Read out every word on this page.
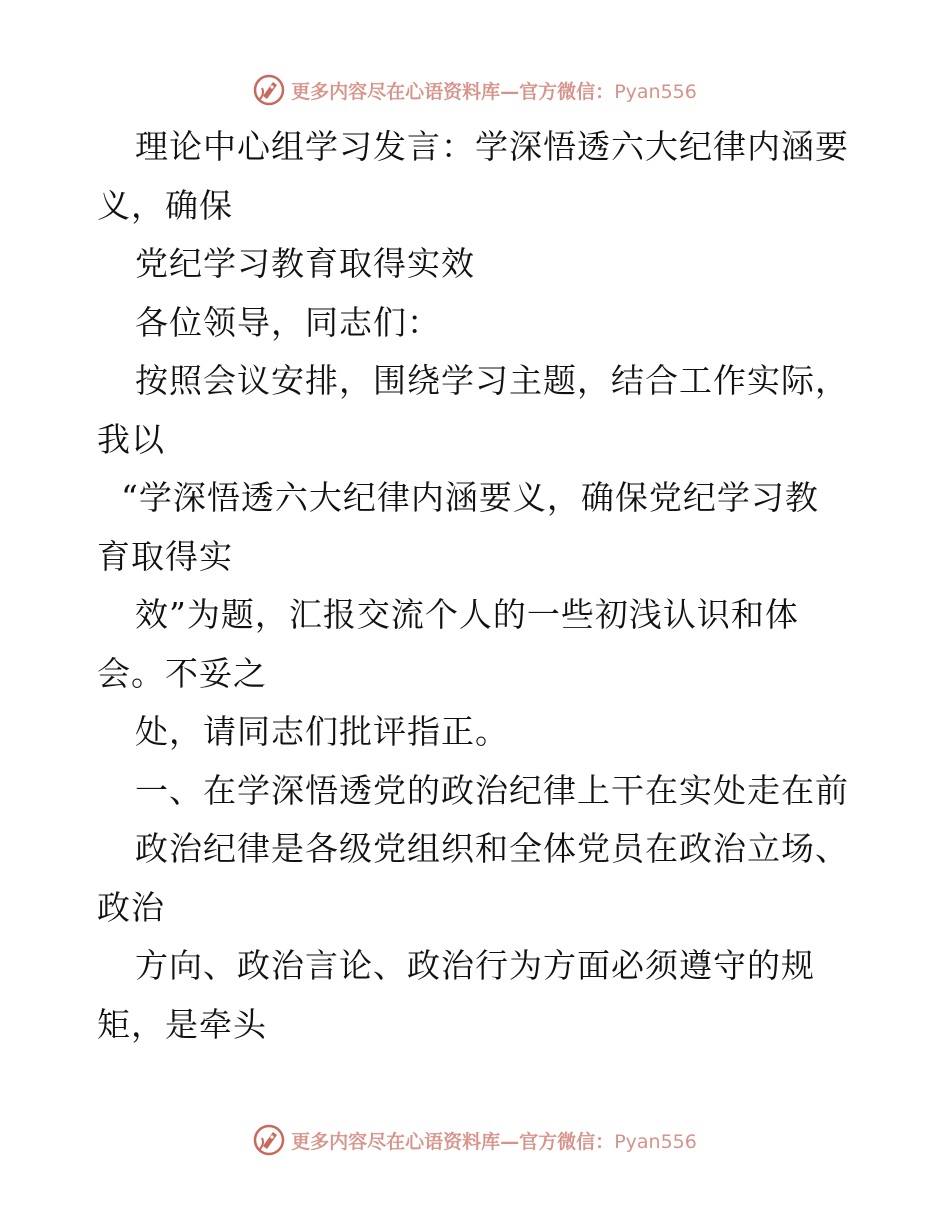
更多内容尽在心语资料库—官方微信：Pyan556
理论中心组学习发言：学深悟透六大纪律内涵要
义，确保
党纪学习教育取得实效
各位领导，同志们：
按照会议安排，围绕学习主题，结合工作实际，
我以
“学深悟透六大纪律内涵要义，确保党纪学习教
育取得实
效”为题，汇报交流个人的一些初浅认识和体
会。不妥之
处，请同志们批评指正。
一、在学深悟透党的政治纪律上干在实处走在前
政治纪律是各级党组织和全体党员在政治立场、
政治
方向、政治言论、政治行为方面必须遵守的规
矩，是牵头
更多内容尽在心语资料库—官方微信：Pyan556
